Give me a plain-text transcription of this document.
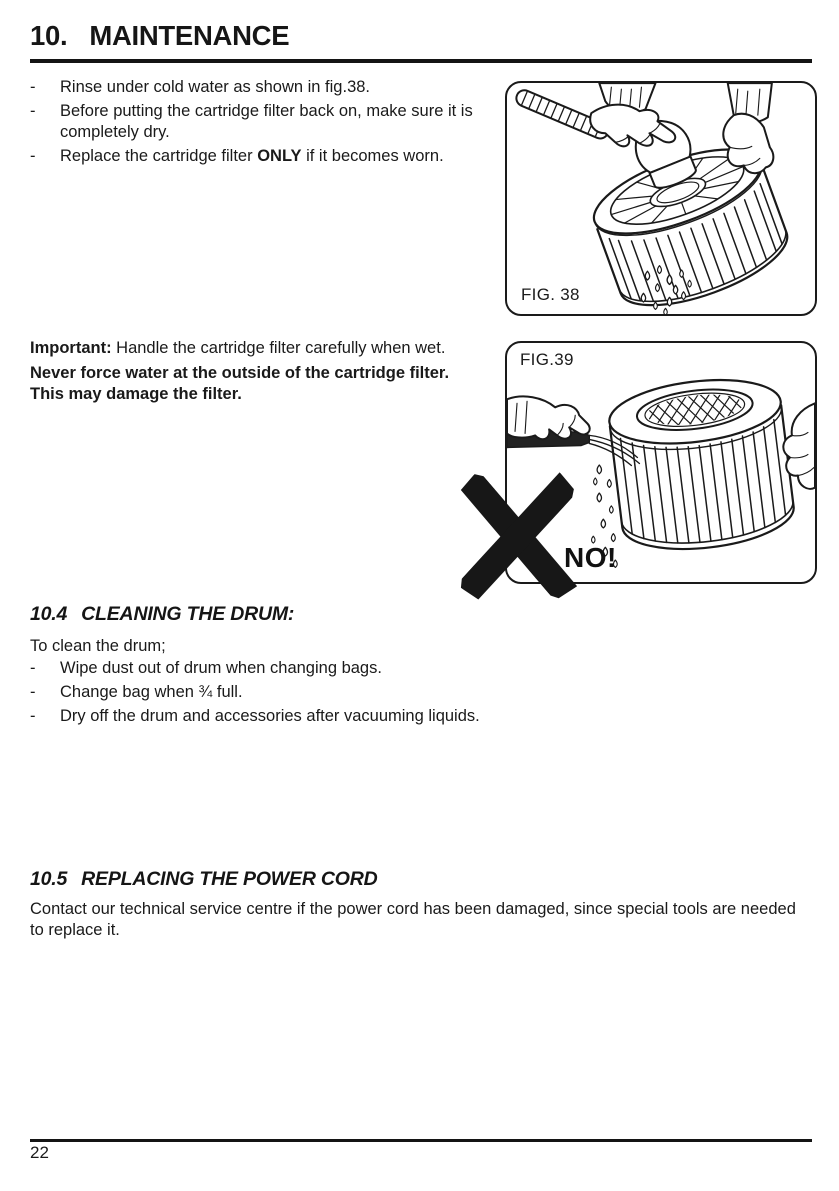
10. MAINTENANCE
-	Rinse under cold water as shown in fig.38.
-	Before putting the cartridge filter back on, make sure it is completely dry.
-	Replace the cartridge filter ONLY if it becomes worn.
Important: Handle the cartridge filter carefully when wet.
Never force water at the outside of the cartridge filter. This may damage the filter.
FIG. 38
FIG.39
NO!
10.4 CLEANING THE DRUM:
To clean the drum;
-	Wipe dust out of drum when changing bags.
-	Change bag when ¾ full.
-	Dry off the drum and accessories after vacuuming liquids.
10.5 REPLACING THE POWER CORD
Contact our technical service centre if the power cord has been damaged, since special tools are needed to replace it.
22
